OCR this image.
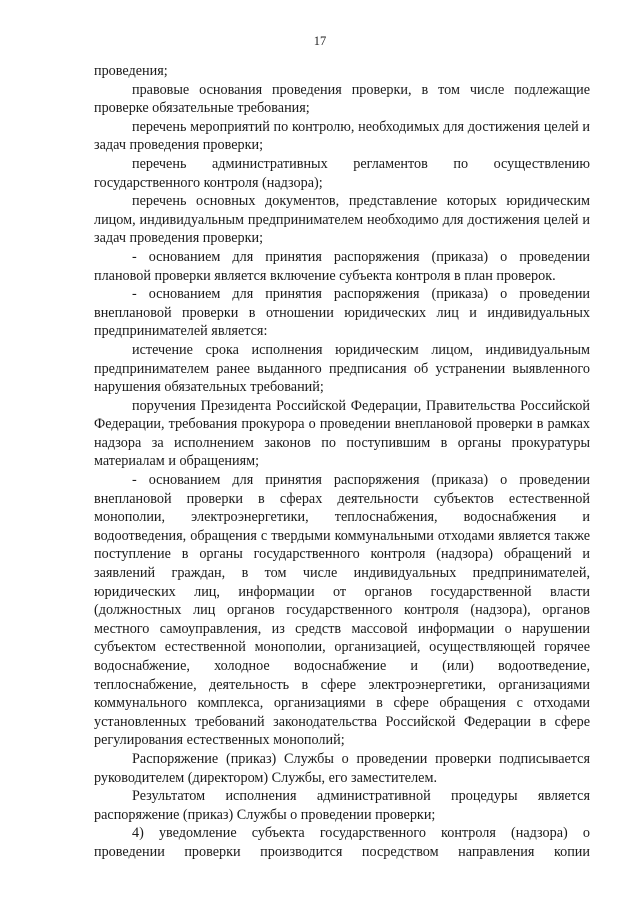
17

проведения;

правовые основания проведения проверки, в том числе подлежащие проверке обязательные требования;

перечень мероприятий по контролю, необходимых для достижения целей и задач проведения проверки;

перечень административных регламентов по осуществлению государственного контроля (надзора);

перечень основных документов, представление которых юридическим лицом, индивидуальным предпринимателем необходимо для достижения целей и задач проведения проверки;

- основанием для принятия распоряжения (приказа) о проведении плановой проверки является включение субъекта контроля в план проверок.

- основанием для принятия распоряжения (приказа) о проведении внеплановой проверки в отношении юридических лиц и индивидуальных предпринимателей является:

истечение срока исполнения юридическим лицом, индивидуальным предпринимателем ранее выданного предписания об устранении выявленного нарушения обязательных требований;

поручения Президента Российской Федерации, Правительства Российской Федерации, требования прокурора о проведении внеплановой проверки в рамках надзора за исполнением законов по поступившим в органы прокуратуры материалам и обращениям;

- основанием для принятия распоряжения (приказа) о проведении внеплановой проверки в сферах деятельности субъектов естественной монополии, электроэнергетики, теплоснабжения, водоснабжения и водоотведения, обращения с твердыми коммунальными отходами является также поступление в органы государственного контроля (надзора) обращений и заявлений граждан, в том числе индивидуальных предпринимателей, юридических лиц, информации от органов государственной власти (должностных лиц органов государственного контроля (надзора), органов местного самоуправления, из средств массовой информации о нарушении субъектом естественной монополии, организацией, осуществляющей горячее водоснабжение, холодное водоснабжение и (или) водоотведение, теплоснабжение, деятельность в сфере электроэнергетики, организациями коммунального комплекса, организациями в сфере обращения с отходами установленных требований законодательства Российской Федерации в сфере регулирования естественных монополий;

Распоряжение (приказ) Службы о проведении проверки подписывается руководителем (директором) Службы, его заместителем.

Результатом исполнения административной процедуры является распоряжение (приказ) Службы о проведении проверки;

4) уведомление субъекта государственного контроля (надзора) о проведении проверки производится посредством направления копии
